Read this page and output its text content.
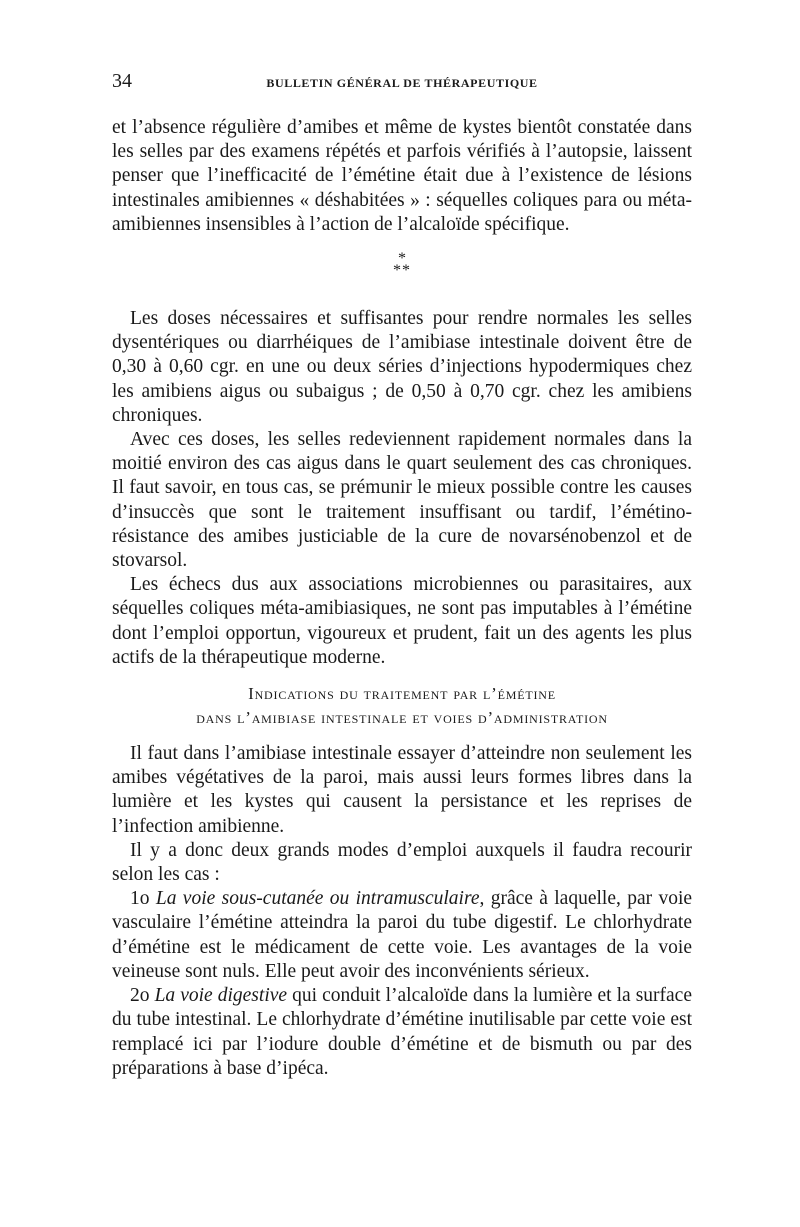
34	BULLETIN GÉNÉRAL DE THÉRAPEUTIQUE

et l’absence régulière d’amibes et même de kystes bientôt constatée dans les selles par des examens répétés et parfois vérifiés à l’autopsie, laissent penser que l’inefficacité de l’émétine était due à l’existence de lésions intestinales amibiennes « déshabitées » : séquelles coliques para ou méta-amibiennes insensibles à l’action de l’alcaloïde spécifique.

*
**

Les doses nécessaires et suffisantes pour rendre normales les selles dysentériques ou diarrhéiques de l’amibiase intestinale doivent être de 0,30 à 0,60 cgr. en une ou deux séries d’injections hypodermiques chez les amibiens aigus ou subaigus ; de 0,50 à 0,70 cgr. chez les amibiens chroniques.

Avec ces doses, les selles redeviennent rapidement normales dans la moitié environ des cas aigus dans le quart seulement des cas chroniques. Il faut savoir, en tous cas, se prémunir le mieux possible contre les causes d’insuccès que sont le traitement insuffisant ou tardif, l’émétino-résistance des amibes justiciable de la cure de novarsénobenzol et de stovarsol.

Les échecs dus aux associations microbiennes ou parasitaires, aux séquelles coliques méta-amibiasiques, ne sont pas imputables à l’émétine dont l’emploi opportun, vigoureux et prudent, fait un des agents les plus actifs de la thérapeutique moderne.

Indications du traitement par l’émétine
dans l’amibiase intestinale et voies d’administration

Il faut dans l’amibiase intestinale essayer d’atteindre non seulement les amibes végétatives de la paroi, mais aussi leurs formes libres dans la lumière et les kystes qui causent la persistance et les reprises de l’infection amibienne.

Il y a donc deux grands modes d’emploi auxquels il faudra recourir selon les cas :

1o La voie sous-cutanée ou intramusculaire, grâce à laquelle, par voie vasculaire l’émétine atteindra la paroi du tube digestif. Le chlorhydrate d’émétine est le médicament de cette voie. Les avantages de la voie veineuse sont nuls. Elle peut avoir des inconvénients sérieux.

2o La voie digestive qui conduit l’alcaloïde dans la lumière et la surface du tube intestinal. Le chlorhydrate d’émétine inutilisable par cette voie est remplacé ici par l’iodure double d’émétine et de bismuth ou par des préparations à base d’ipéca.
